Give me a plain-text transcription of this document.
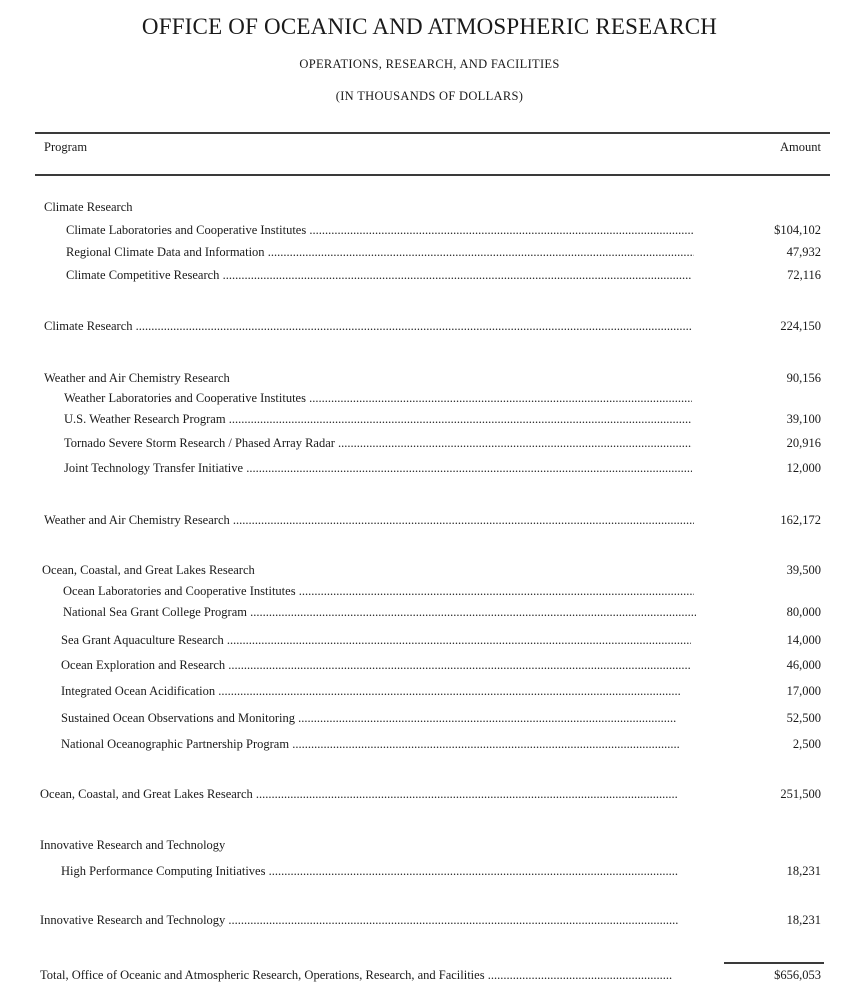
OFFICE OF OCEANIC AND ATMOSPHERIC RESEARCH
OPERATIONS, RESEARCH, AND FACILITIES
(IN THOUSANDS OF DOLLARS)
Program	Amount
Climate Research
Climate Laboratories and Cooperative Institutes .....	$104,102
Regional Climate Data and Information .....	47,932
Climate Competitive Research .....	72,116
Climate Research .....	224,150
Weather and Air Chemistry Research	90,156
Weather Laboratories and Cooperative Institutes .....
U.S. Weather Research Program .....	39,100
Tornado Severe Storm Research / Phased Array Radar .....	20,916
Joint Technology Transfer Initiative .....	12,000
Weather and Air Chemistry Research .....	162,172
Ocean, Coastal, and Great Lakes Research	39,500
Ocean Laboratories and Cooperative Institutes .....
National Sea Grant College Program .....	80,000
Sea Grant Aquaculture Research .....	14,000
Ocean Exploration and Research .....	46,000
Integrated Ocean Acidification .....	17,000
Sustained Ocean Observations and Monitoring .....	52,500
National Oceanographic Partnership Program .....	2,500
Ocean, Coastal, and Great Lakes Research .....	251,500
Innovative Research and Technology
High Performance Computing Initiatives .....	18,231
Innovative Research and Technology .....	18,231
Total, Office of Oceanic and Atmospheric Research, Operations, Research, and Facilities .....	$656,053
